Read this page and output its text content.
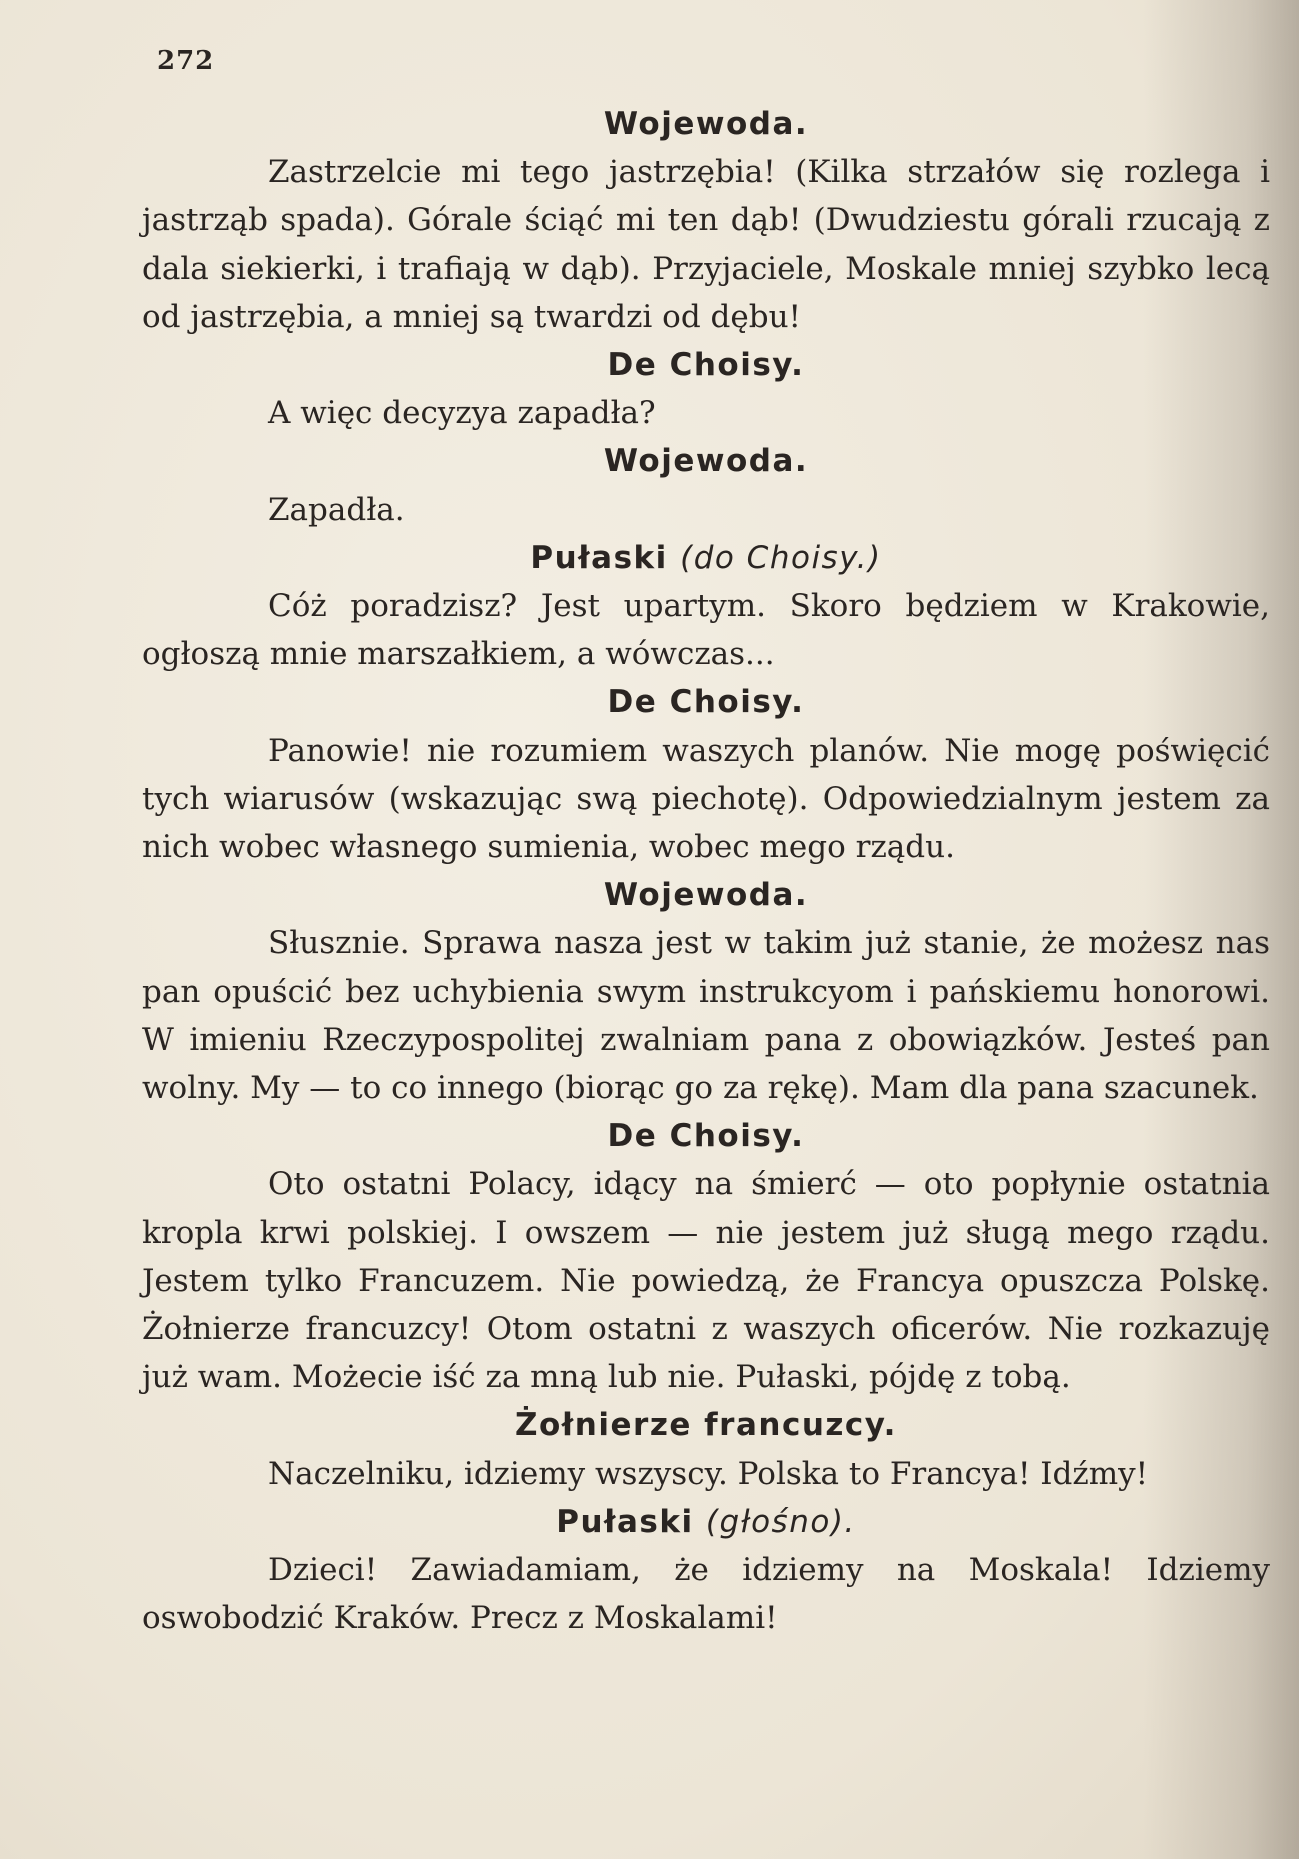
272
Wojewoda.

Zastrzelcie mi tego jastrzębia! (Kilka strzałów się rozlega i jastrząb spada). Górale ściąć mi ten dąb! (Dwudziestu górali rzucają z dala siekierki, i trafiają w dąb). Przyjaciele, Moskale mniej szybko lecą od jastrzębia, a mniej są twardzi od dębu!

De Choisy.

A więc decyzya zapadła?

Wojewoda.

Zapadła.

Pułaski (do Choisy.)

Cóż poradzisz? Jest upartym. Skoro będziem w Krakowie, ogłoszą mnie marszałkiem, a wówczas...

De Choisy.

Panowie! nie rozumiem waszych planów. Nie mogę poświęcić tych wiarusów (wskazując swą piechotę). Odpowiedzialnym jestem za nich wobec własnego sumienia, wobec mego rządu.

Wojewoda.

Słusznie. Sprawa nasza jest w takim już stanie, że możesz nas pan opuścić bez uchybienia swym instrukcyom i pańskiemu honorowi. W imieniu Rzeczypospolitej zwalniam pana z obowiązków. Jesteś pan wolny. My — to co innego (biorąc go za rękę). Mam dla pana szacunek.

De Choisy.

Oto ostatni Polacy, idący na śmierć — oto popłynie ostatnia kropla krwi polskiej. I owszem — nie jestem już sługą mego rządu. Jestem tylko Francuzem. Nie powiedzą, że Francya opuszcza Polskę. Żołnierze francuzcy! Otom ostatni z waszych oficerów. Nie rozkazuję już wam. Możecie iść za mną lub nie. Pułaski, pójdę z tobą.

Żołnierze francuzcy.

Naczelniku, idziemy wszyscy. Polska to Francya! Idźmy!

Pułaski (głośno).

Dzieci! Zawiadamiam, że idziemy na Moskala! Idziemy oswobodzić Kraków. Precz z Moskalami!
